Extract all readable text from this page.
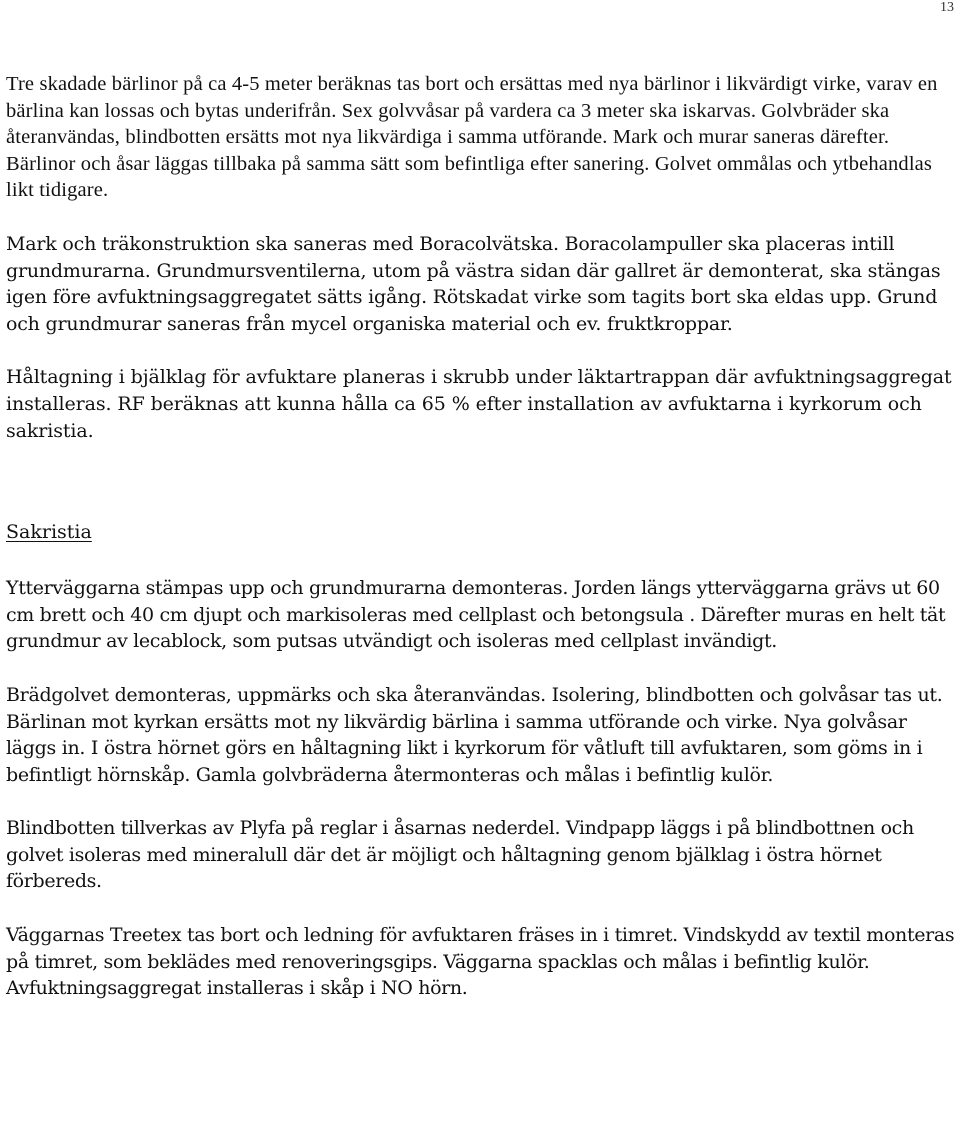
13

Tre skadade bärlinor på ca 4-5 meter beräknas tas bort och ersättas med nya bärlinor i likvärdigt virke, varav en bärlina kan lossas och bytas underifrån. Sex golvvåsar på vardera ca 3 meter ska iskarvas. Golvbräder ska återanvändas, blindbotten ersätts mot nya likvärdiga i samma utförande. Mark och murar saneras därefter. Bärlinor och åsar läggas tillbaka på samma sätt som befintliga efter sanering. Golvet ommålas och ytbehandlas likt tidigare.

Mark och träkonstruktion ska saneras med Boracolvätska. Boracolampuller ska placeras intill grundmurarna. Grundmursventilerna, utom på västra sidan där gallret är demonterat, ska stängas igen före avfuktningsaggregatet sätts igång. Rötskadat virke som tagits bort ska eldas upp. Grund och grundmurar saneras från mycel organiska material och ev. fruktkroppar.

Håltagning i bjälklag för avfuktare planeras i skrubb under läktartrappan där avfuktningsaggregat installeras. RF beräknas att kunna hålla ca 65 % efter installation av avfuktarna i kyrkorum och sakristia.

Sakristia

Ytterväggarna stämpas upp och grundmurarna demonteras. Jorden längs ytterväggarna grävs ut 60 cm brett och 40 cm djupt och markisoleras med cellplast och betongsula . Därefter muras en helt tät grundmur av lecablock, som putsas utvändigt och isoleras med cellplast invändigt.

Brädgolvet demonteras, uppmärks och ska återanvändas. Isolering, blindbotten och golvåsar tas ut. Bärlinan mot kyrkan ersätts mot ny likvärdig bärlina i samma utförande och virke. Nya golvåsar läggs in. I östra hörnet görs en håltagning likt i kyrkorum för våtluft till avfuktaren, som göms in i befintligt hörnskåp. Gamla golvbräderna återmonteras och målas i befintlig kulör.

Blindbotten tillverkas av Plyfa på reglar i åsarnas nederdel. Vindpapp läggs i på blindbottnen och golvet isoleras med mineralull där det är möjligt och håltagning genom bjälklag i östra hörnet förbereds.

Väggarnas Treetex tas bort och ledning för avfuktaren fräses in i timret. Vindskydd av textil monteras på timret, som beklädes med renoveringsgips. Väggarna spacklas och målas i befintlig kulör. Avfuktningsaggregat installeras i skåp i NO hörn.
